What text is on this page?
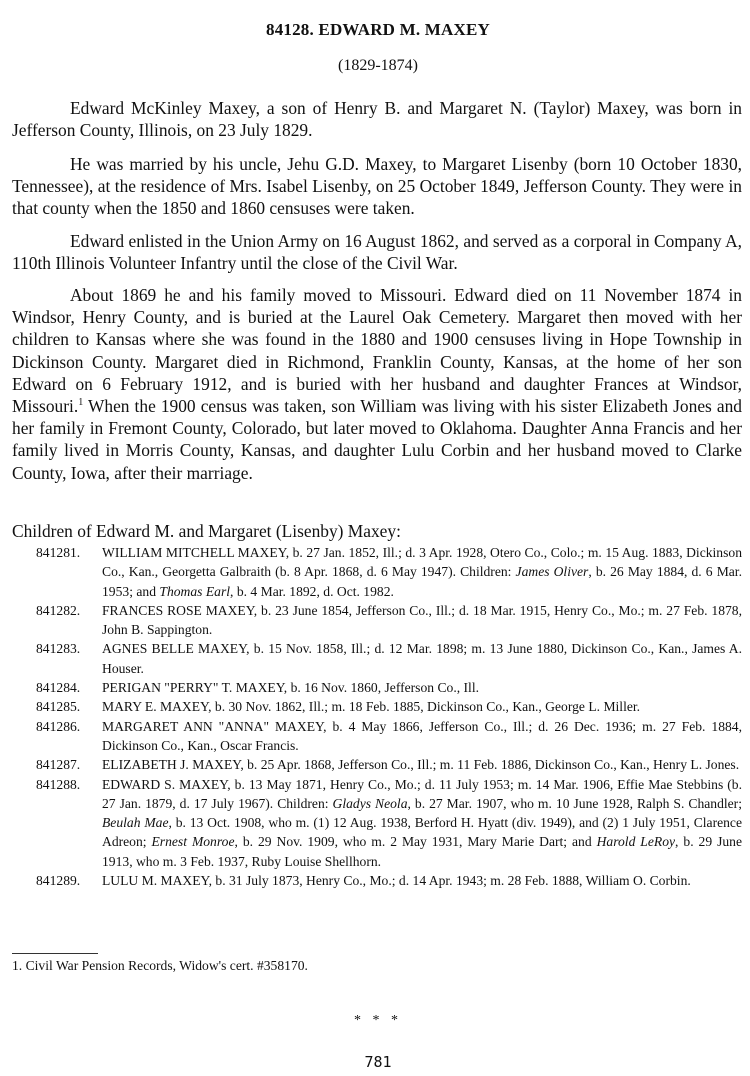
84128. EDWARD M. MAXEY
(1829-1874)

Edward McKinley Maxey, a son of Henry B. and Margaret N. (Taylor) Maxey, was born in Jefferson County, Illinois, on 23 July 1829.

He was married by his uncle, Jehu G.D. Maxey, to Margaret Lisenby (born 10 October 1830, Tennessee), at the residence of Mrs. Isabel Lisenby, on 25 October 1849, Jefferson County. They were in that county when the 1850 and 1860 censuses were taken.

Edward enlisted in the Union Army on 16 August 1862, and served as a corporal in Company A, 110th Illinois Volunteer Infantry until the close of the Civil War.

About 1869 he and his family moved to Missouri. Edward died on 11 November 1874 in Windsor, Henry County, and is buried at the Laurel Oak Cemetery. Margaret then moved with her children to Kansas where she was found in the 1880 and 1900 censuses living in Hope Township in Dickinson County. Margaret died in Richmond, Franklin County, Kansas, at the home of her son Edward on 6 February 1912, and is buried with her husband and daughter Frances at Windsor, Missouri.$^1$ When the 1900 census was taken, son William was living with his sister Elizabeth Jones and her family in Fremont County, Colorado, but later moved to Oklahoma. Daughter Anna Francis and her family lived in Morris County, Kansas, and daughter Lulu Corbin and her husband moved to Clarke County, Iowa, after their marriage.

Children of Edward M. and Margaret (Lisenby) Maxey:
841281.	WILLIAM MITCHELL MAXEY, b. 27 Jan. 1852, Ill.; d. 3 Apr. 1928, Otero Co., Colo.; m. 15 Aug. 1883, Dickinson Co., Kan., Georgetta Galbraith (b. 8 Apr. 1868, d. 6 May 1947). Children: James Oliver, b. 26 May 1884, d. 6 Mar. 1953; and Thomas Earl, b. 4 Mar. 1892, d. Oct. 1982.
841282.	FRANCES ROSE MAXEY, b. 23 June 1854, Jefferson Co., Ill.; d. 18 Mar. 1915, Henry Co., Mo.; m. 27 Feb. 1878, John B. Sappington.
841283.	AGNES BELLE MAXEY, b. 15 Nov. 1858, Ill.; d. 12 Mar. 1898; m. 13 June 1880, Dickinson Co., Kan., James A. Houser.
841284.	PERIGAN "PERRY" T. MAXEY, b. 16 Nov. 1860, Jefferson Co., Ill.
841285.	MARY E. MAXEY, b. 30 Nov. 1862, Ill.; m. 18 Feb. 1885, Dickinson Co., Kan., George L. Miller.
841286.	MARGARET ANN "ANNA" MAXEY, b. 4 May 1866, Jefferson Co., Ill.; d. 26 Dec. 1936; m. 27 Feb. 1884, Dickinson Co., Kan., Oscar Francis.
841287.	ELIZABETH J. MAXEY, b. 25 Apr. 1868, Jefferson Co., Ill.; m. 11 Feb. 1886, Dickinson Co., Kan., Henry L. Jones.
841288.	EDWARD S. MAXEY, b. 13 May 1871, Henry Co., Mo.; d. 11 July 1953; m. 14 Mar. 1906, Effie Mae Stebbins (b. 27 Jan. 1879, d. 17 July 1967). Children: Gladys Neola, b. 27 Mar. 1907, who m. 10 June 1928, Ralph S. Chandler; Beulah Mae, b. 13 Oct. 1908, who m. (1) 12 Aug. 1938, Berford H. Hyatt (div. 1949), and (2) 1 July 1951, Clarence Adreon; Ernest Monroe, b. 29 Nov. 1909, who m. 2 May 1931, Mary Marie Dart; and Harold LeRoy, b. 29 June 1913, who m. 3 Feb. 1937, Ruby Louise Shellhorn.
841289.	LULU M. MAXEY, b. 31 July 1873, Henry Co., Mo.; d. 14 Apr. 1943; m. 28 Feb. 1888, William O. Corbin.
1. Civil War Pension Records, Widow's cert. #358170.
* * *
781
